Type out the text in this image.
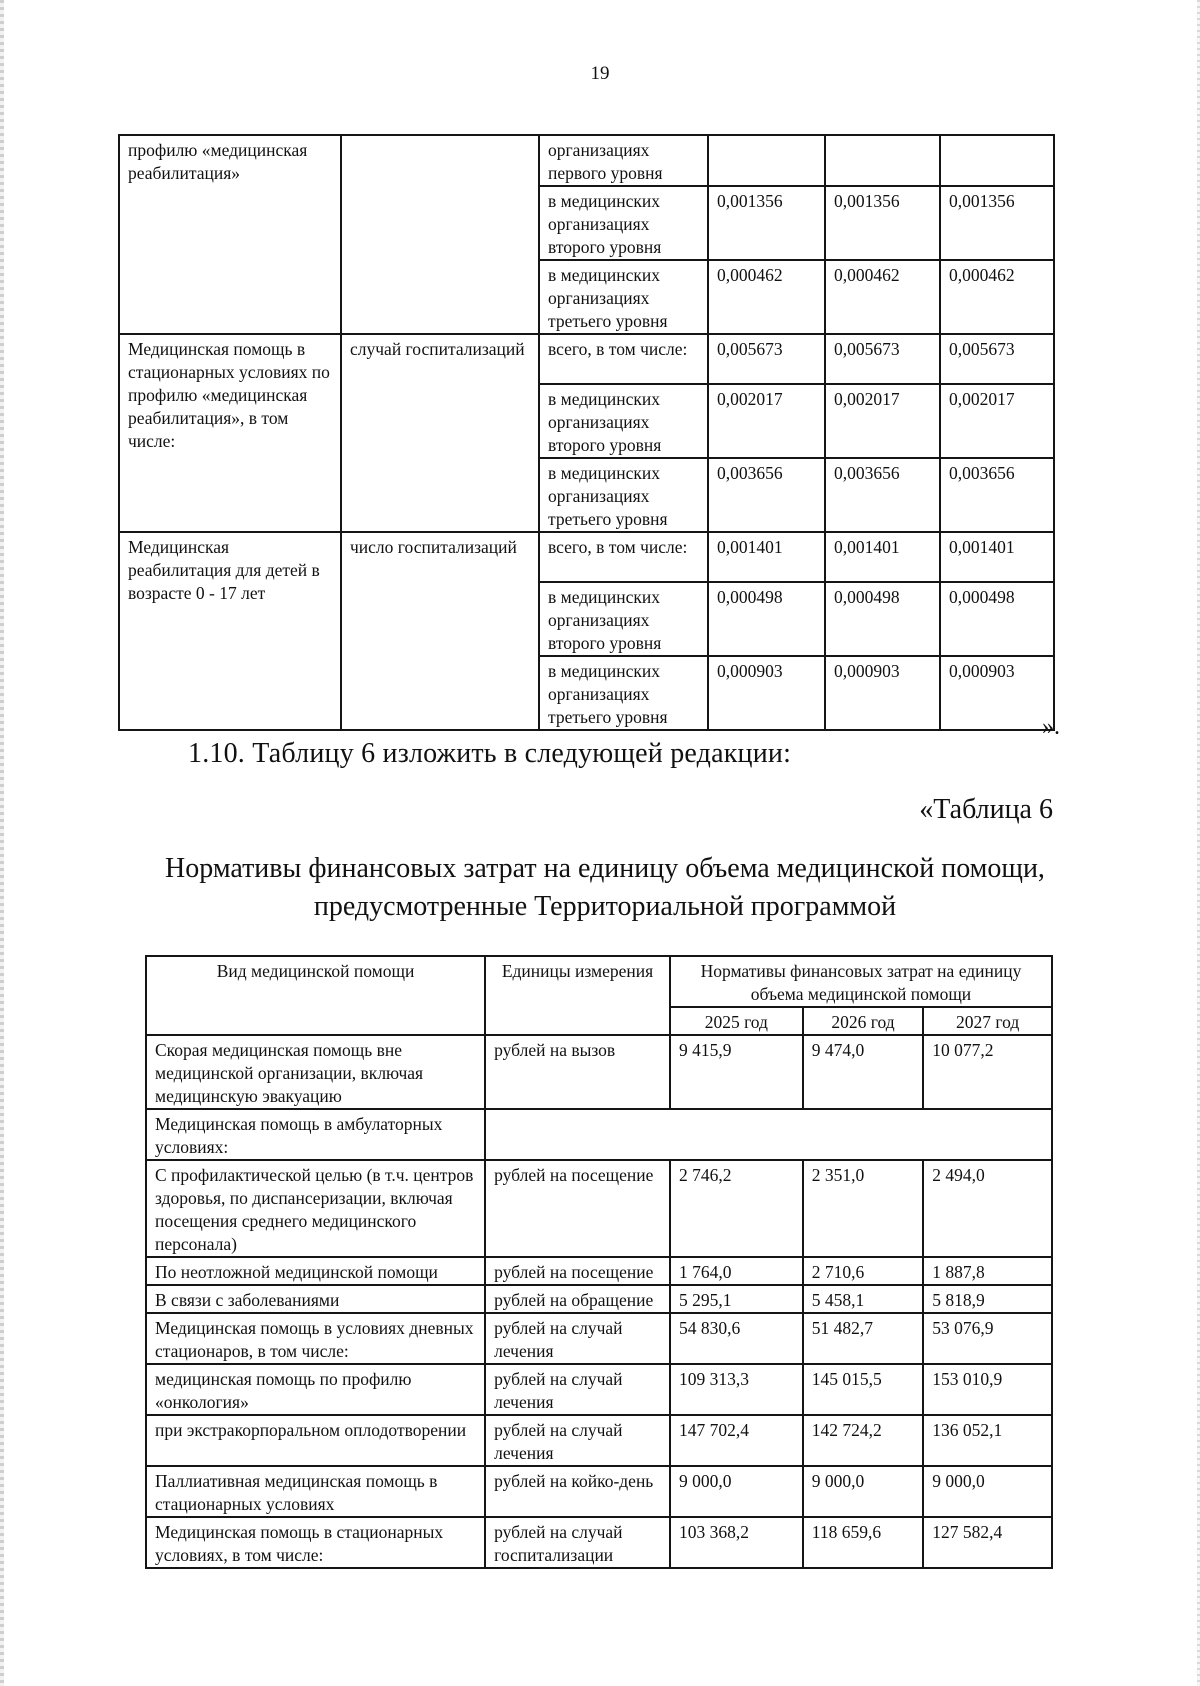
19
профилю «медицинская реабилитация»		организациях первого уровня			
		в медицинских организациях второго уровня	0,001356	0,001356	0,001356
		в медицинских организациях третьего уровня	0,000462	0,000462	0,000462
Медицинская помощь в стационарных условиях по профилю «медицинская реабилитация», в том числе:	случай госпитализаций	всего, в том числе:	0,005673	0,005673	0,005673
		в медицинских организациях второго уровня	0,002017	0,002017	0,002017
		в медицинских организациях третьего уровня	0,003656	0,003656	0,003656
Медицинская реабилитация для детей в возрасте 0 - 17 лет	число госпитализаций	всего, в том числе:	0,001401	0,001401	0,001401
		в медицинских организациях второго уровня	0,000498	0,000498	0,000498
		в медицинских организациях третьего уровня	0,000903	0,000903	0,000903
».
1.10. Таблицу 6 изложить в следующей редакции:
«Таблица 6
Нормативы финансовых затрат на единицу объема медицинской помощи, предусмотренные Территориальной программой
Вид медицинской помощи	Единицы измерения	Нормативы финансовых затрат на единицу объема медицинской помощи		
		2025 год	2026 год	2027 год
Скорая медицинская помощь вне медицинской организации, включая медицинскую эвакуацию	рублей на вызов	9 415,9	9 474,0	10 077,2
Медицинская помощь в амбулаторных условиях:				
С профилактической целью (в т.ч. центров здоровья, по диспансеризации, включая посещения среднего медицинского персонала)	рублей на посещение	2 746,2	2 351,0	2 494,0
По неотложной медицинской помощи	рублей на посещение	1 764,0	2 710,6	1 887,8
В связи с заболеваниями	рублей на обращение	5 295,1	5 458,1	5 818,9
Медицинская помощь в условиях дневных стационаров, в том числе:	рублей на случай лечения	54 830,6	51 482,7	53 076,9
медицинская помощь по профилю «онкология»	рублей на случай лечения	109 313,3	145 015,5	153 010,9
при экстракорпоральном оплодотворении	рублей на случай лечения	147 702,4	142 724,2	136 052,1
Паллиативная медицинская помощь в стационарных условиях	рублей на койко-день	9 000,0	9 000,0	9 000,0
Медицинская помощь в стационарных условиях, в том числе:	рублей на случай госпитализации	103 368,2	118 659,6	127 582,4
